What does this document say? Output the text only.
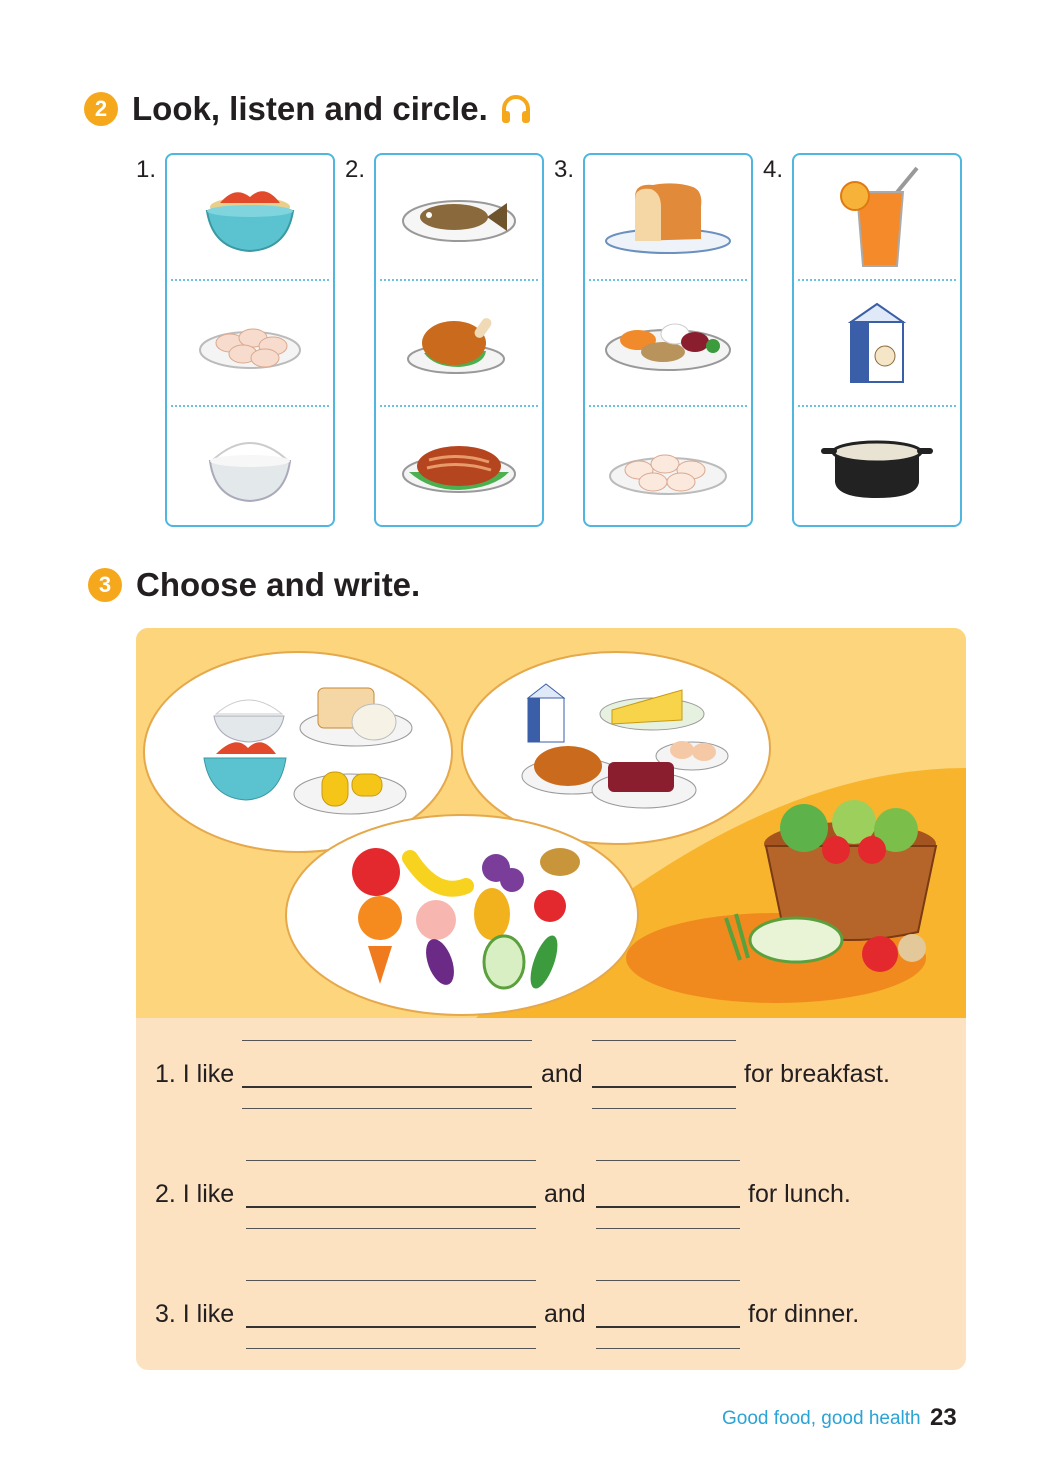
2 Look, listen and circle.
1.	2.	3.	4.
3 Choose and write.
1. I like	and	for breakfast.
2. I like	and	for lunch.
3. I like	and	for dinner.
Good food, good health 23
